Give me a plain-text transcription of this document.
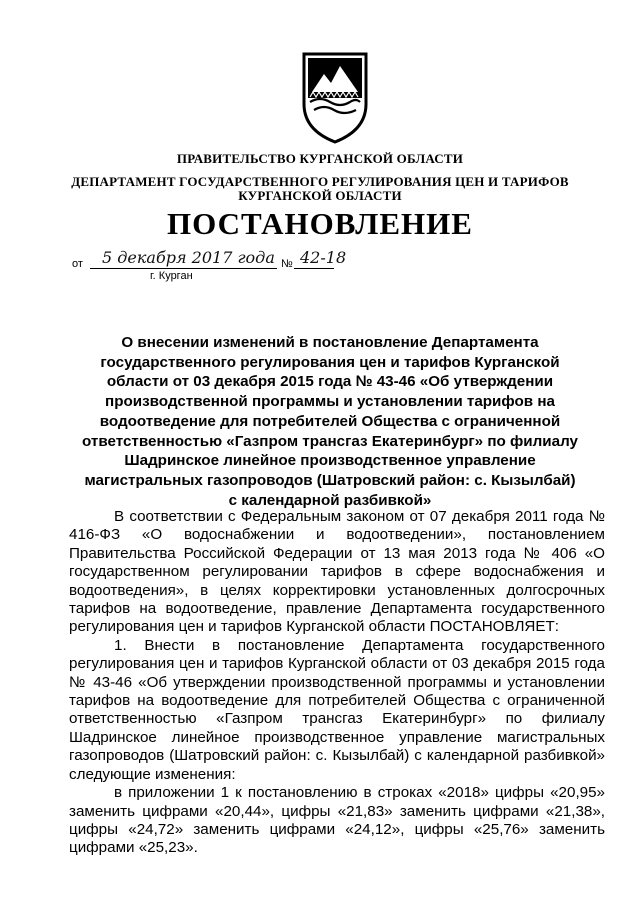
ПРАВИТЕЛЬСТВО КУРГАНСКОЙ ОБЛАСТИ
ДЕПАРТАМЕНТ ГОСУДАРСТВЕННОГО РЕГУЛИРОВАНИЯ ЦЕН И ТАРИФОВ
КУРГАНСКОЙ ОБЛАСТИ
ПОСТАНОВЛЕНИЕ
от 5 декабря 2017 года № 42-18
г. Курган
О внесении изменений в постановление Департамента государственного регулирования цен и тарифов Курганской области от 03 декабря 2015 года № 43-46 «Об утверждении производственной программы и установлении тарифов на водоотведение для потребителей Общества с ограниченной ответственностью «Газпром трансгаз Екатеринбург» по филиалу Шадринское линейное производственное управление магистральных газопроводов (Шатровский район: с. Кызылбай) с календарной разбивкой»

В соответствии с Федеральным законом от 07 декабря 2011 года № 416-ФЗ «О водоснабжении и водоотведении», постановлением Правительства Российской Федерации от 13 мая 2013 года № 406 «О государственном регулировании тарифов в сфере водоснабжения и водоотведения», в целях корректировки установленных долгосрочных тарифов на водоотведение, правление Департамента государственного регулирования цен и тарифов Курганской области ПОСТАНОВЛЯЕТ:

1. Внести в постановление Департамента государственного регулирования цен и тарифов Курганской области от 03 декабря 2015 года № 43-46 «Об утверждении производственной программы и установлении тарифов на водоотведение для потребителей Общества с ограниченной ответственностью «Газпром трансгаз Екатеринбург» по филиалу Шадринское линейное производственное управление магистральных газопроводов (Шатровский район: с. Кызылбай) с календарной разбивкой» следующие изменения:

в приложении 1 к постановлению в строках «2018» цифры «20,95» заменить цифрами «20,44», цифры «21,83» заменить цифрами «21,38», цифры «24,72» заменить цифрами «24,12», цифры «25,76» заменить цифрами «25,23».
